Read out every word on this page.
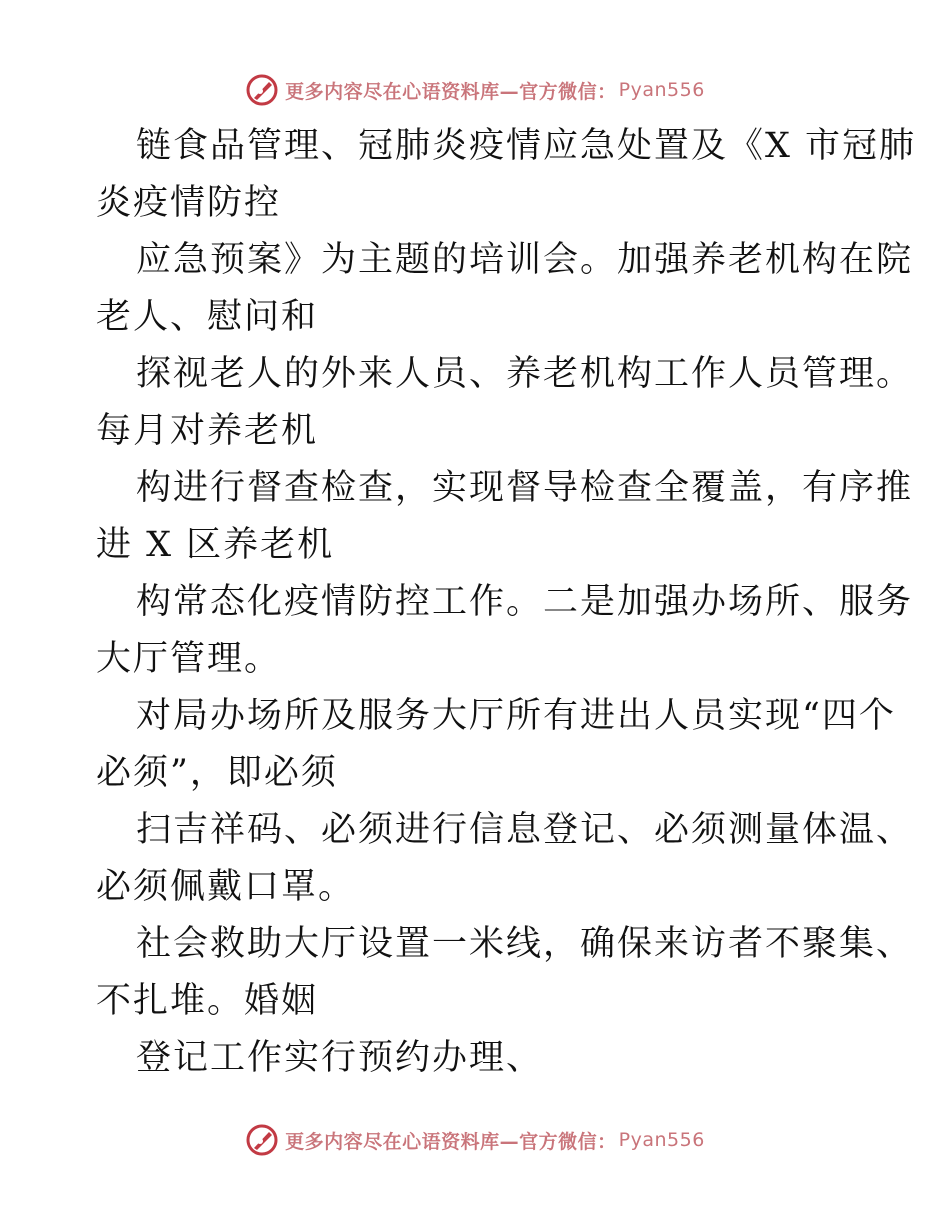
更多内容尽在心语资料库—官方微信： Pyan556

链食品管理、冠肺炎疫情应急处置及《X 市冠肺

炎疫情防控

应急预案》为主题的培训会。加强养老机构在院

老人、慰问和

探视老人的外来人员、养老机构工作人员管理。

每月对养老机

构进行督查检查，实现督导检查全覆盖，有序推

进 X 区养老机

构常态化疫情防控工作。二是加强办场所、服务

大厅管理。

对局办场所及服务大厅所有进出人员实现“四个

必须”，即必须

扫吉祥码、必须进行信息登记、必须测量体温、

必须佩戴口罩。

社会救助大厅设置一米线，确保来访者不聚集、

不扎堆。婚姻

登记工作实行预约办理、

更多内容尽在心语资料库—官方微信： Pyan556
